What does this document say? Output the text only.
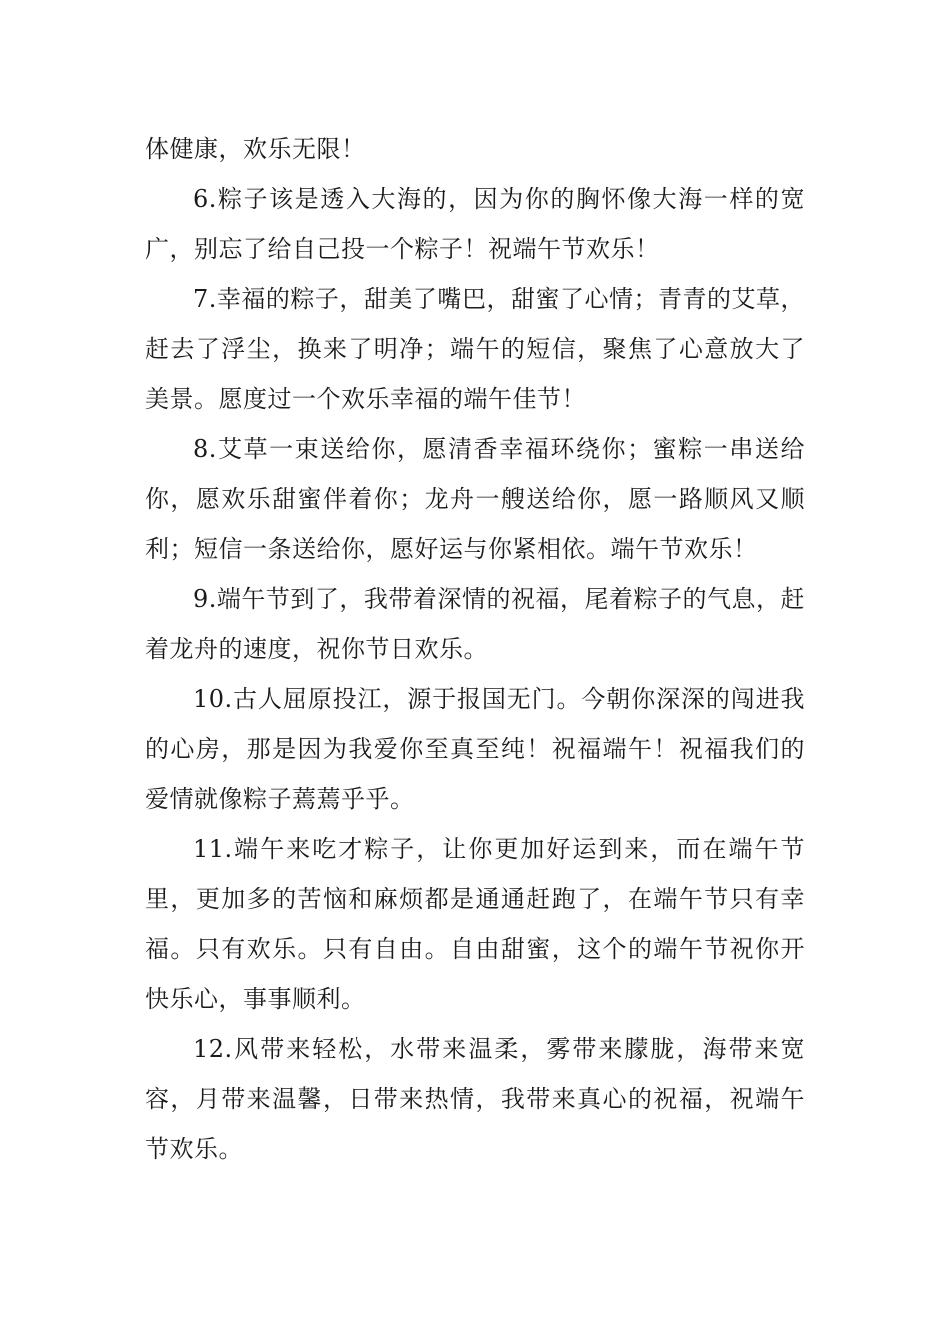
体健康，欢乐无限！

6.粽子该是透入大海的，因为你的胸怀像大海一样的宽广，别忘了给自己投一个粽子！祝端午节欢乐！

7.幸福的粽子，甜美了嘴巴，甜蜜了心情；青青的艾草，赶去了浮尘，换来了明净；端午的短信，聚焦了心意放大了美景。愿度过一个欢乐幸福的端午佳节！

8.艾草一束送给你，愿清香幸福环绕你；蜜粽一串送给你，愿欢乐甜蜜伴着你；龙舟一艘送给你，愿一路顺风又顺利；短信一条送给你，愿好运与你紧相依。端午节欢乐！

9.端午节到了，我带着深情的祝福，尾着粽子的气息，赶着龙舟的速度，祝你节日欢乐。

10.古人屈原投江，源于报国无门。今朝你深深的闯进我的心房，那是因为我爱你至真至纯！祝福端午！祝福我们的爱情就像粽子蔫蔫乎乎。

11.端午来吃才粽子，让你更加好运到来，而在端午节里，更加多的苦恼和麻烦都是通通赶跑了，在端午节只有幸福。只有欢乐。只有自由。自由甜蜜，这个的端午节祝你开快乐心，事事顺利。

12.风带来轻松，水带来温柔，雾带来朦胧，海带来宽容，月带来温馨，日带来热情，我带来真心的祝福，祝端午节欢乐。
